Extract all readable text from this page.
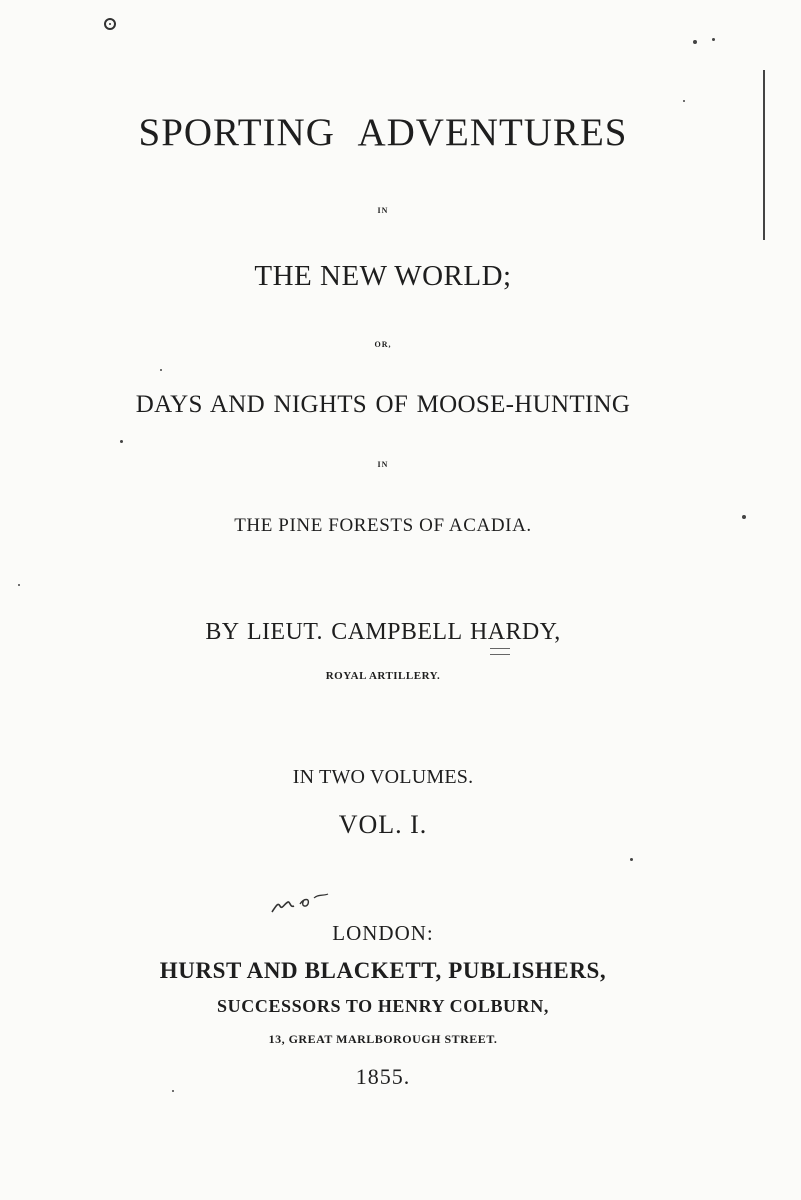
SPORTING ADVENTURES
IN
THE NEW WORLD;
OR,
DAYS AND NIGHTS OF MOOSE-HUNTING
IN
THE PINE FORESTS OF ACADIA.
BY LIEUT. CAMPBELL HARDY,
ROYAL ARTILLERY.
IN TWO VOLUMES.
VOL. I.
LONDON:
HURST AND BLACKETT, PUBLISHERS,
SUCCESSORS TO HENRY COLBURN,
13, GREAT MARLBOROUGH STREET.
1855.
